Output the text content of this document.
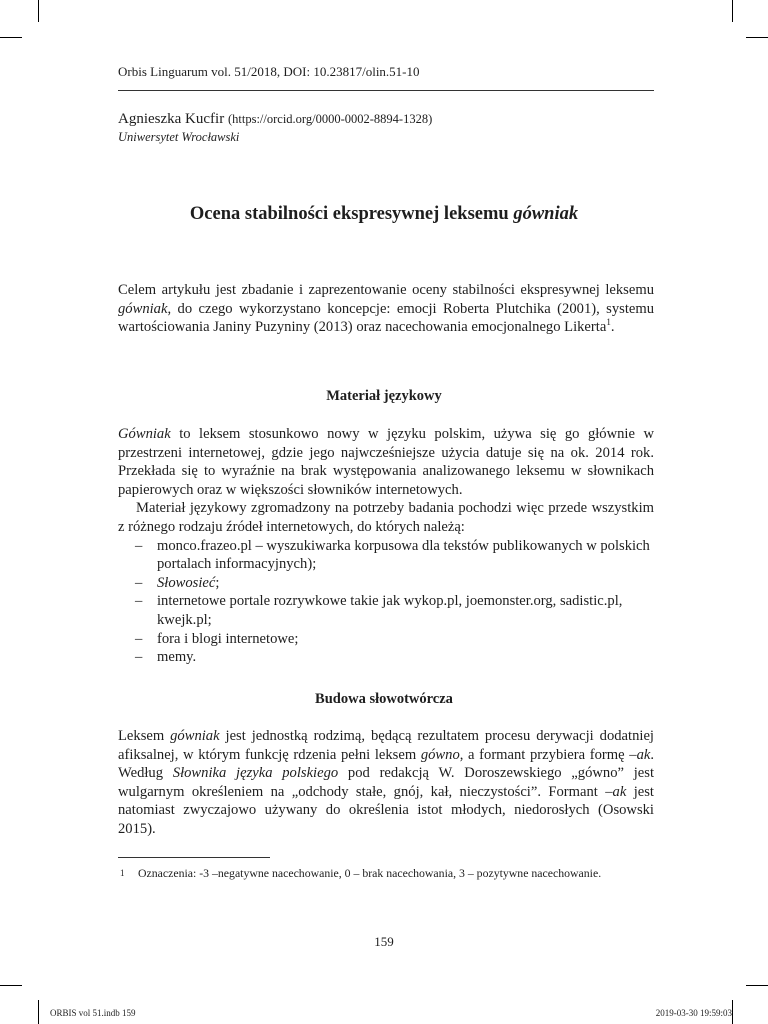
Orbis Linguarum vol. 51/2018, DOI: 10.23817/olin.51-10
Agnieszka Kucfir (https://orcid.org/0000-0002-8894-1328)
Uniwersytet Wrocławski
Ocena stabilności ekspresywnej leksemu gówniak

Celem artykułu jest zbadanie i zaprezentowanie oceny stabilności ekspresywnej leksemu gówniak, do czego wykorzystano koncepcje: emocji Roberta Plutchika (2001), systemu wartościowania Janiny Puzyniny (2013) oraz nacechowania emocjonalnego Likerta$^1$.

Materiał językowy

Gówniak to leksem stosunkowo nowy w języku polskim, używa się go głównie w przestrzeni internetowej, gdzie jego najwcześniejsze użycia datuje się na ok. 2014 rok. Przekłada się to wyraźnie na brak występowania analizowanego leksemu w słownikach papierowych oraz w większości słowników internetowych.

Materiał językowy zgromadzony na potrzeby badania pochodzi więc przede wszystkim z różnego rodzaju źródeł internetowych, do których należą:

– monco.frazeo.pl – wyszukiwarka korpusowa dla tekstów publikowanych w polskich portalach informacyjnych);
– Słowosieć;
– internetowe portale rozrywkowe takie jak wykop.pl, joemonster.org, sadistic.pl, kwejk.pl;
– fora i blogi internetowe;
– memy.
Budowa słowotwórcza

Leksem gówniak jest jednostką rodzimą, będącą rezultatem procesu derywacji dodatniej afiksalnej, w którym funkcję rdzenia pełni leksem gówno, a formant przybiera formę –ak. Według Słownika języka polskiego pod redakcją W. Doroszewskiego „gówno” jest wulgarnym określeniem na „odchody stałe, gnój, kał, nieczystości”. Formant –ak jest natomiast zwyczajowo używany do określenia istot młodych, niedorosłych (Osowski 2015).

1 Oznaczenia: -3 –negatywne nacechowanie, 0 – brak nacechowania, 3 – pozytywne nacechowanie.
159
ORBIS vol 51.indb 159	2019-03-30 19:59:03
